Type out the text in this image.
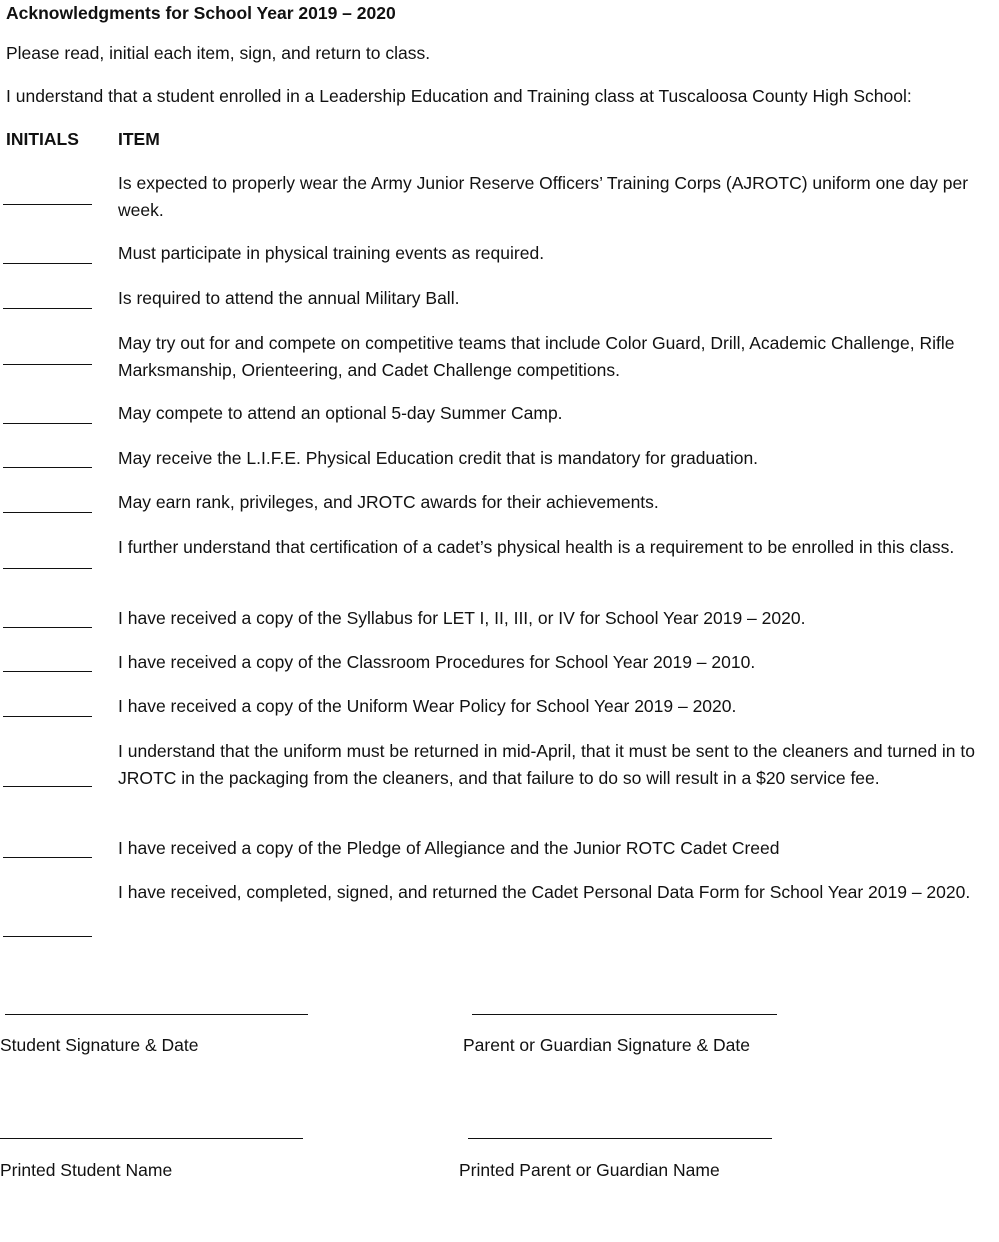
Acknowledgments for School Year 2019 – 2020
Please read, initial each item, sign, and return to class.
I understand that a student enrolled in a Leadership Education and Training class at Tuscaloosa County High School:
INITIALS ITEM
Is expected to properly wear the Army Junior Reserve Officers’ Training Corps (AJROTC) uniform one day per week.
Must participate in physical training events as required.
Is required to attend the annual Military Ball.
May try out for and compete on competitive teams that include Color Guard, Drill, Academic Challenge, Rifle Marksmanship, Orienteering, and Cadet Challenge competitions.
May compete to attend an optional 5-day Summer Camp.
May receive the L.I.F.E. Physical Education credit that is mandatory for graduation.
May earn rank, privileges, and JROTC awards for their achievements.
I further understand that certification of a cadet’s physical health is a requirement to be enrolled in this class.
I have received a copy of the Syllabus for LET I, II, III, or IV for School Year 2019 – 2020.
I have received a copy of the Classroom Procedures for School Year 2019 – 2010.
I have received a copy of the Uniform Wear Policy for School Year 2019 – 2020.
I understand that the uniform must be returned in mid-April, that it must be sent to the cleaners and turned in to JROTC in the packaging from the cleaners, and that failure to do so will result in a $20 service fee.
I have received a copy of the Pledge of Allegiance and the Junior ROTC Cadet Creed
I have received, completed, signed, and returned the Cadet Personal Data Form for School Year 2019 – 2020.
Student Signature & Date	Parent or Guardian Signature & Date
Printed Student Name	Printed Parent or Guardian Name
